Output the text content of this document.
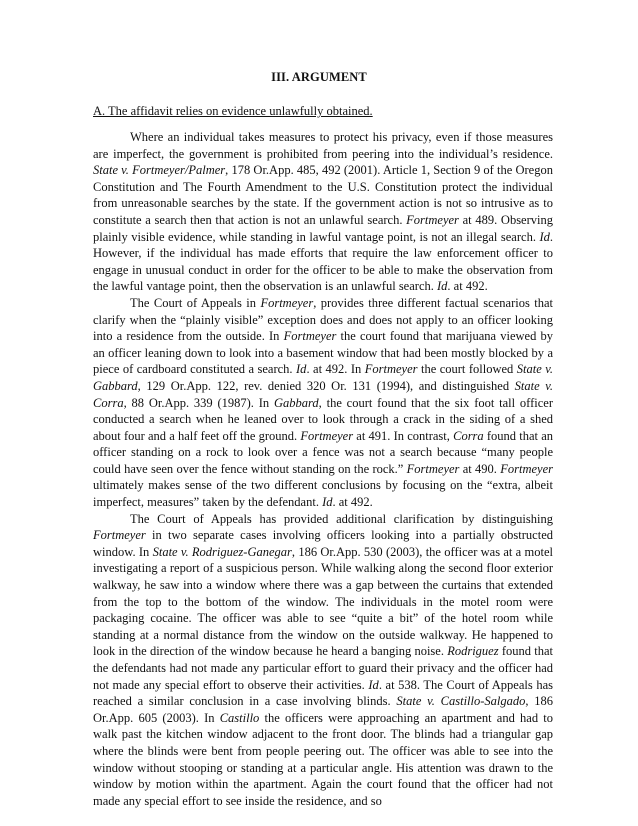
III. ARGUMENT
A. The affidavit relies on evidence unlawfully obtained.

Where an individual takes measures to protect his privacy, even if those measures are imperfect, the government is prohibited from peering into the individual’s residence. State v. Fortmeyer/Palmer, 178 Or.App. 485, 492 (2001). Article 1, Section 9 of the Oregon Constitution and The Fourth Amendment to the U.S. Constitution protect the individual from unreasonable searches by the state. If the government action is not so intrusive as to constitute a search then that action is not an unlawful search. Fortmeyer at 489. Observing plainly visible evidence, while standing in lawful vantage point, is not an illegal search. Id. However, if the individual has made efforts that require the law enforcement officer to engage in unusual conduct in order for the officer to be able to make the observation from the lawful vantage point, then the observation is an unlawful search. Id. at 492.

The Court of Appeals in Fortmeyer, provides three different factual scenarios that clarify when the “plainly visible” exception does and does not apply to an officer looking into a residence from the outside. In Fortmeyer the court found that marijuana viewed by an officer leaning down to look into a basement window that had been mostly blocked by a piece of cardboard constituted a search. Id. at 492. In Fortmeyer the court followed State v. Gabbard, 129 Or.App. 122, rev. denied 320 Or. 131 (1994), and distinguished State v. Corra, 88 Or.App. 339 (1987). In Gabbard, the court found that the six foot tall officer conducted a search when he leaned over to look through a crack in the siding of a shed about four and a half feet off the ground. Fortmeyer at 491. In contrast, Corra found that an officer standing on a rock to look over a fence was not a search because “many people could have seen over the fence without standing on the rock.” Fortmeyer at 490. Fortmeyer ultimately makes sense of the two different conclusions by focusing on the “extra, albeit imperfect, measures” taken by the defendant. Id. at 492.

The Court of Appeals has provided additional clarification by distinguishing Fortmeyer in two separate cases involving officers looking into a partially obstructed window. In State v. Rodriguez-Ganegar, 186 Or.App. 530 (2003), the officer was at a motel investigating a report of a suspicious person. While walking along the second floor exterior walkway, he saw into a window where there was a gap between the curtains that extended from the top to the bottom of the window. The individuals in the motel room were packaging cocaine. The officer was able to see “quite a bit” of the hotel room while standing at a normal distance from the window on the outside walkway. He happened to look in the direction of the window because he heard a banging noise. Rodriguez found that the defendants had not made any particular effort to guard their privacy and the officer had not made any special effort to observe their activities. Id. at 538. The Court of Appeals has reached a similar conclusion in a case involving blinds. State v. Castillo-Salgado, 186 Or.App. 605 (2003). In Castillo the officers were approaching an apartment and had to walk past the kitchen window adjacent to the front door. The blinds had a triangular gap where the blinds were bent from people peering out. The officer was able to see into the window without stooping or standing at a particular angle. His attention was drawn to the window by motion within the apartment. Again the court found that the officer had not made any special effort to see inside the residence, and so
